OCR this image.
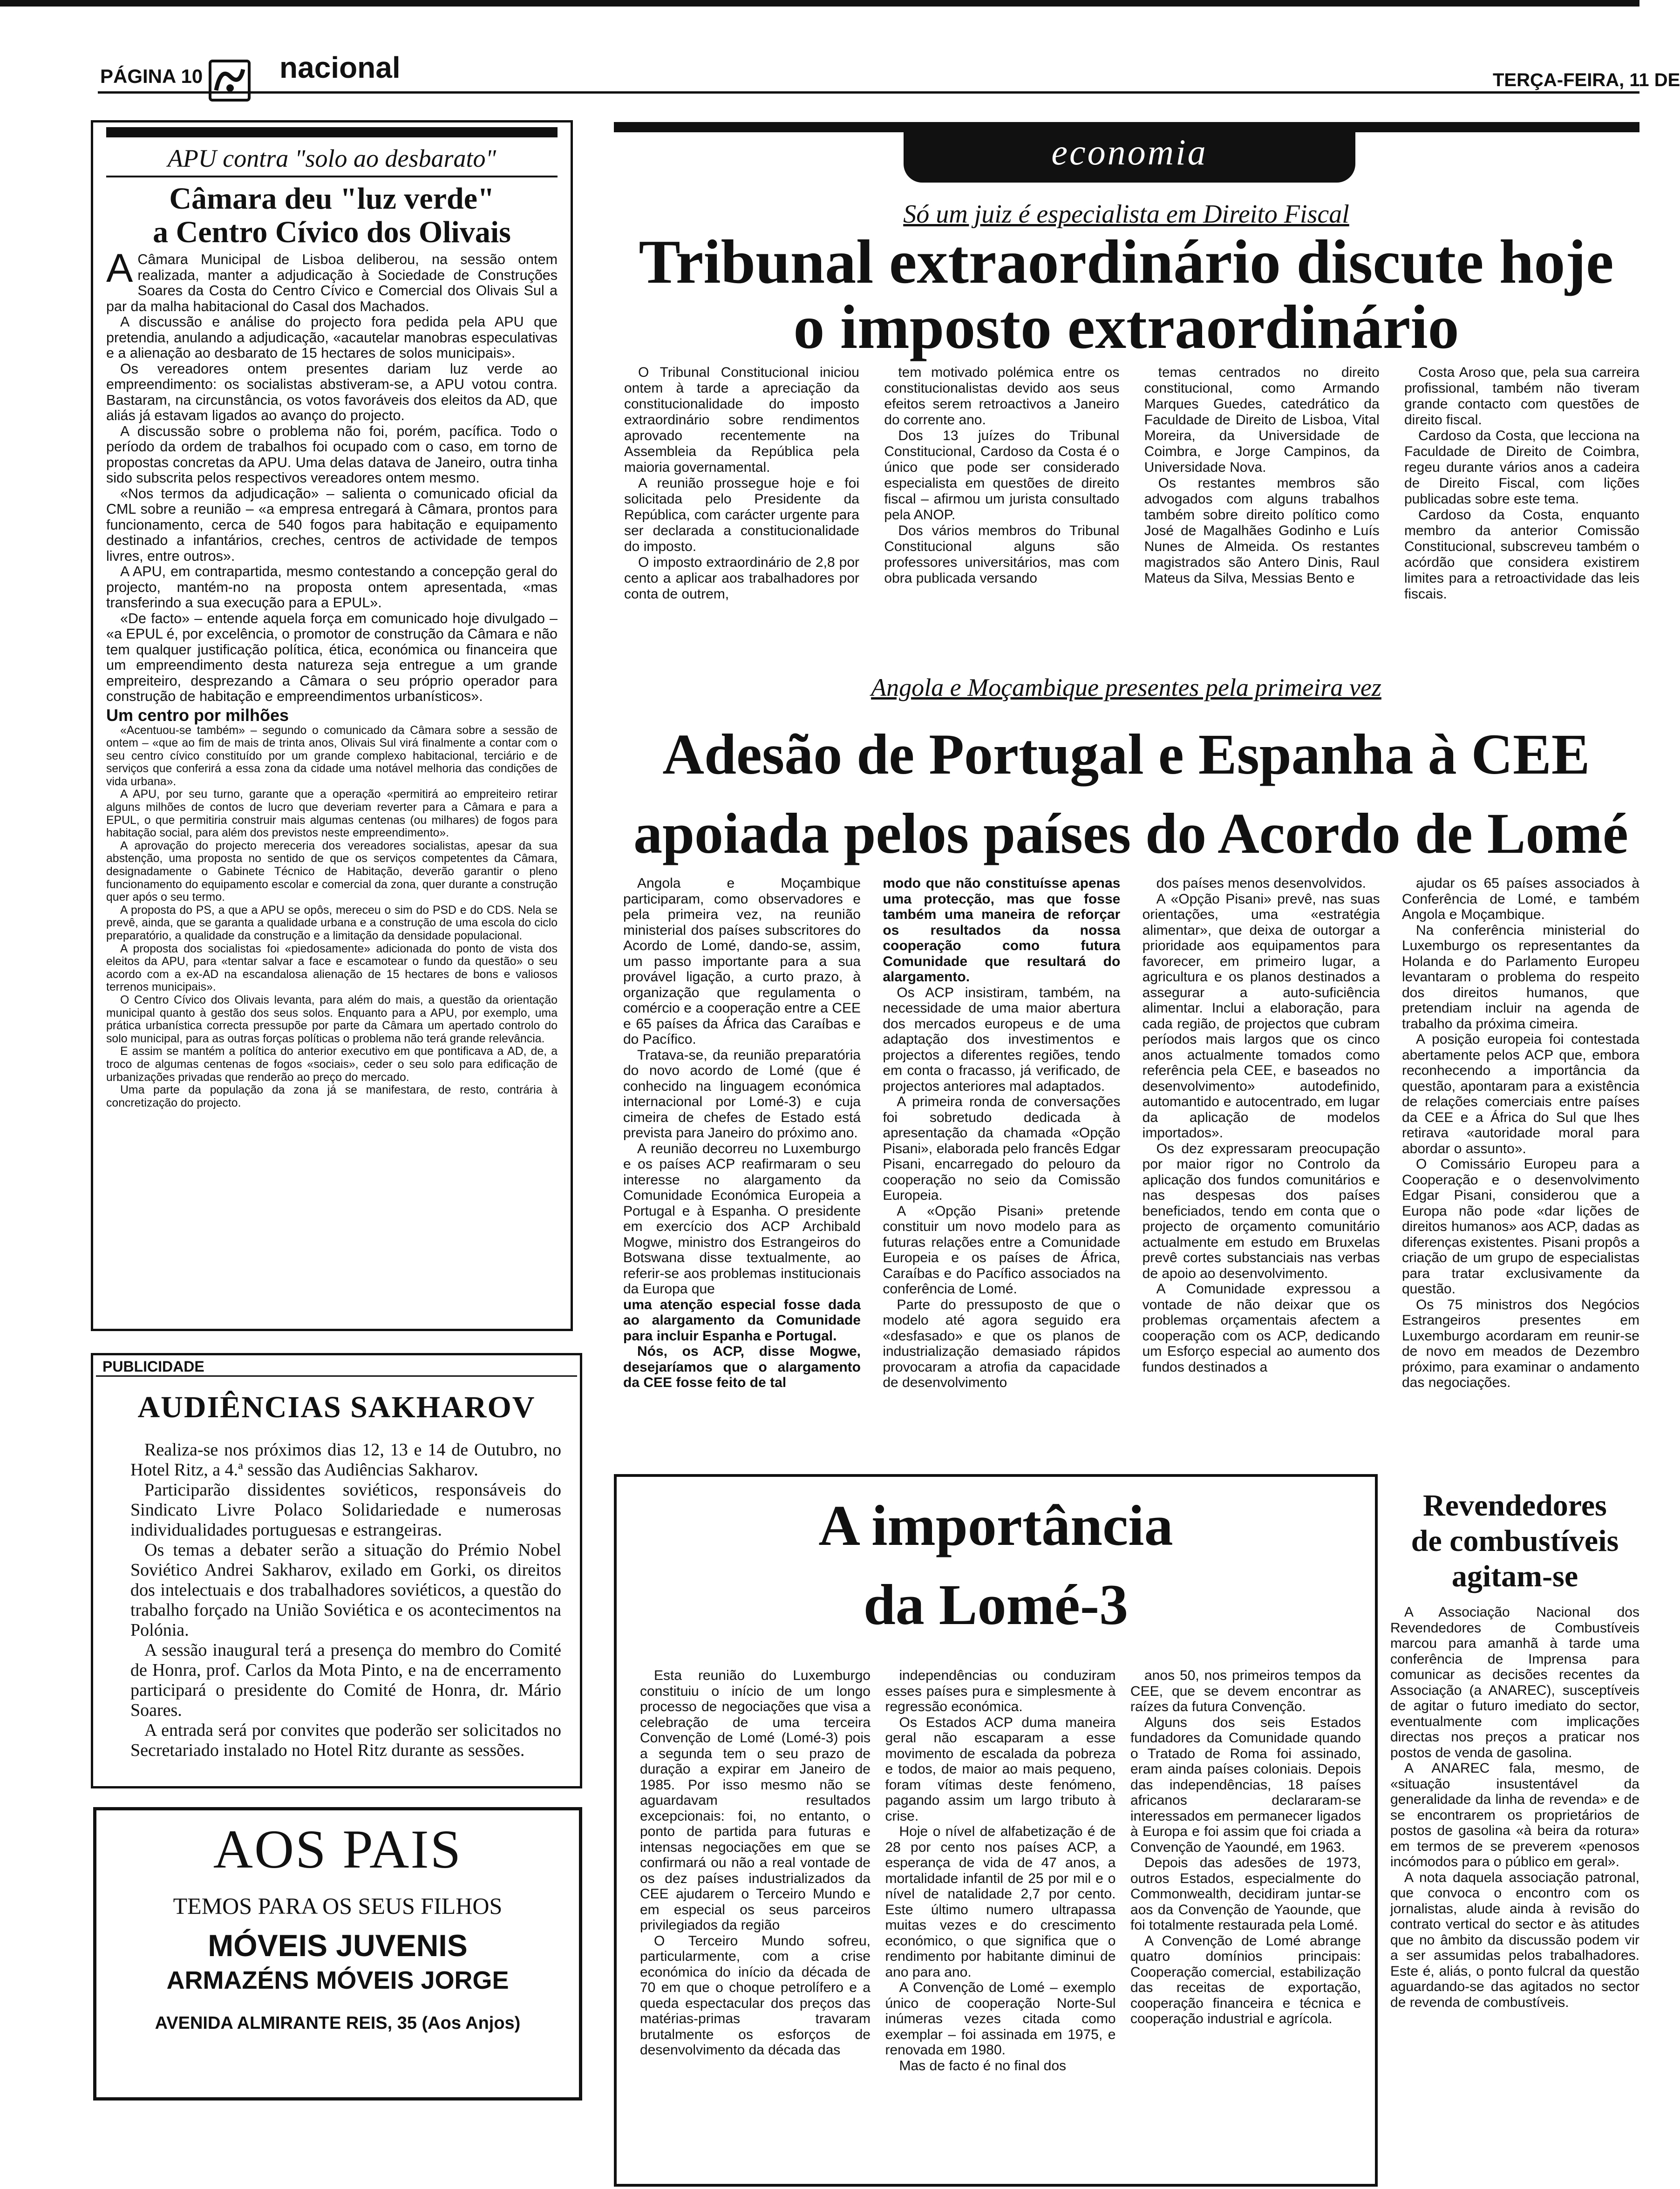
PÁGINA 10	nacional	TERÇA-FEIRA, 11 DE
APU contra "solo ao desbarato"
Câmara deu "luz verde"
a Centro Cívico dos Olivais
A Câmara Municipal de Lisboa deliberou, na sessão ontem realizada, manter a adjudicação à Sociedade de Construções Soares da Costa do Centro Cívico e Comercial dos Olivais Sul a par da malha habitacional do Casal dos Machados.

A discussão e análise do projecto fora pedida pela APU que pretendia, anulando a adjudicação, «acautelar manobras especulativas e a alienação ao desbarato de 15 hectares de solos municipais».

Os vereadores ontem presentes dariam luz verde ao empreendimento: os socialistas abstiveram-se, a APU votou contra. Bastaram, na circunstância, os votos favoráveis dos eleitos da AD, que aliás já estavam ligados ao avanço do projecto.

A discussão sobre o problema não foi, porém, pacífica. Todo o período da ordem de trabalhos foi ocupado com o caso, em torno de propostas concretas da APU. Uma delas datava de Janeiro, outra tinha sido subscrita pelos respectivos vereadores ontem mesmo.

«Nos termos da adjudicação» – salienta o comunicado oficial da CML sobre a reunião – «a empresa entregará à Câmara, prontos para funcionamento, cerca de 540 fogos para habitação e equipamento destinado a infantários, creches, centros de actividade de tempos livres, entre outros».

A APU, em contrapartida, mesmo contestando a concepção geral do projecto, mantém-no na proposta ontem apresentada, «mas transferindo a sua execução para a EPUL».

«De facto» – entende aquela força em comunicado hoje divulgado – «a EPUL é, por excelência, o promotor de construção da Câmara e não tem qualquer justificação política, ética, económica ou financeira que um empreendimento desta natureza seja entregue a um grande empreiteiro, desprezando a Câmara o seu próprio operador para construção de habitação e empreendimentos urbanísticos».

Um centro por milhões

«Acentuou-se também» – segundo o comunicado da Câmara sobre a sessão de ontem – «que ao fim de mais de trinta anos, Olivais Sul virá finalmente a contar com o seu centro cívico constituído por um grande complexo habitacional, terciário e de serviços que conferirá a essa zona da cidade uma notável melhoria das condições de vida urbana».

A APU, por seu turno, garante que a operação «permitirá ao empreiteiro retirar alguns milhões de contos de lucro que deveriam reverter para a Câmara e para a EPUL, o que permitiria construir mais algumas centenas (ou milhares) de fogos para habitação social, para além dos previstos neste empreendimento».

A aprovação do projecto mereceria dos vereadores socialistas, apesar da sua abstenção, uma proposta no sentido de que os serviços competentes da Câmara, designadamente o Gabinete Técnico de Habitação, deverão garantir o pleno funcionamento do equipamento escolar e comercial da zona, quer durante a construção quer após o seu termo.

A proposta do PS, a que a APU se opôs, mereceu o sim do PSD e do CDS. Nela se prevê, ainda, que se garanta a qualidade urbana e a construção de uma escola do ciclo preparatório, a qualidade da construção e a limitação da densidade populacional.

A proposta dos socialistas foi «piedosamente» adicionada do ponto de vista dos eleitos da APU, para «tentar salvar a face e escamotear o fundo da questão» o seu acordo com a ex-AD na escandalosa alienação de 15 hectares de bons e valiosos terrenos municipais».

O Centro Cívico dos Olivais levanta, para além do mais, a questão da orientação municipal quanto à gestão dos seus solos. Enquanto para a APU, por exemplo, uma prática urbanística correcta pressupõe por parte da Câmara um apertado controlo do solo municipal, para as outras forças políticas o problema não terá grande relevância.

E assim se mantém a política do anterior executivo em que pontificava a AD, de, a troco de algumas centenas de fogos «sociais», ceder o seu solo para edificação de urbanizações privadas que renderão ao preço do mercado.

Uma parte da população da zona já se manifestara, de resto, contrária à concretização do projecto.

PUBLICIDADE
AUDIÊNCIAS SAKHAROV

Realiza-se nos próximos dias 12, 13 e 14 de Outubro, no Hotel Ritz, a 4.ª sessão das Audiências Sakharov.

Participarão dissidentes soviéticos, responsáveis do Sindicato Livre Polaco Solidariedade e numerosas individualidades portuguesas e estrangeiras.

Os temas a debater serão a situação do Prémio Nobel Soviético Andrei Sakharov, exilado em Gorki, os direitos dos intelectuais e dos trabalhadores soviéticos, a questão do trabalho forçado na União Soviética e os acontecimentos na Polónia.

A sessão inaugural terá a presença do membro do Comité de Honra, prof. Carlos da Mota Pinto, e na de encerramento participará o presidente do Comité de Honra, dr. Mário Soares.

A entrada será por convites que poderão ser solicitados no Secretariado instalado no Hotel Ritz durante as sessões.

AOS PAIS
TEMOS PARA OS SEUS FILHOS
MÓVEIS JUVENIS
ARMAZÉNS MÓVEIS JORGE
AVENIDA ALMIRANTE REIS, 35 (Aos Anjos)
economia
Só um juiz é especialista em Direito Fiscal
Tribunal extraordinário discute hoje
o imposto extraordinário

O Tribunal Constitucional iniciou ontem à tarde a apreciação da constitucionalidade do imposto extraordinário sobre rendimentos aprovado recentemente na Assembleia da República pela maioria governamental.

A reunião prossegue hoje e foi solicitada pelo Presidente da República, com carácter urgente para ser declarada a constitucionalidade do imposto.

O imposto extraordinário de 2,8 por cento a aplicar aos trabalhadores por conta de outrem,

tem motivado polémica entre os constitucionalistas devido aos seus efeitos serem retroactivos a Janeiro do corrente ano.

Dos 13 juízes do Tribunal Constitucional, Cardoso da Costa é o único que pode ser considerado especialista em questões de direito fiscal – afirmou um jurista consultado pela ANOP.

Dos vários membros do Tribunal Constitucional alguns são professores universitários, mas com obra publicada versando

temas centrados no direito constitucional, como Armando Marques Guedes, catedrático da Faculdade de Direito de Lisboa, Vital Moreira, da Universidade de Coimbra, e Jorge Campinos, da Universidade Nova.

Os restantes membros são advogados com alguns trabalhos também sobre direito político como José de Magalhães Godinho e Luís Nunes de Almeida. Os restantes magistrados são Antero Dinis, Raul Mateus da Silva, Messias Bento e

Costa Aroso que, pela sua carreira profissional, também não tiveram grande contacto com questões de direito fiscal.

Cardoso da Costa, que lecciona na Faculdade de Direito de Coimbra, regeu durante vários anos a cadeira de Direito Fiscal, com lições publicadas sobre este tema.

Cardoso da Costa, enquanto membro da anterior Comissão Constitucional, subscreveu também o acórdão que considera existirem limites para a retroactividade das leis fiscais.

Angola e Moçambique presentes pela primeira vez
Adesão de Portugal e Espanha à CEE
apoiada pelos países do Acordo de Lomé

Angola e Moçambique participaram, como observadores e pela primeira vez, na reunião ministerial dos países subscritores do Acordo de Lomé, dando-se, assim, um passo importante para a sua provável ligação, a curto prazo, à organização que regulamenta o comércio e a cooperação entre a CEE e 65 países da África das Caraíbas e do Pacífico.

Tratava-se, da reunião preparatória do novo acordo de Lomé (que é conhecido na linguagem económica internacional por Lomé-3) e cuja cimeira de chefes de Estado está prevista para Janeiro do próximo ano.

A reunião decorreu no Luxemburgo e os países ACP reafirmaram o seu interesse no alargamento da Comunidade Económica Europeia a Portugal e à Espanha. O presidente em exercício dos ACP Archibald Mogwe, ministro dos Estrangeiros do Botswana disse textualmente, ao referir-se aos problemas institucionais da Europa que

uma atenção especial fosse dada ao alargamento da Comunidade para incluir Espanha e Portugal.

Nós, os ACP, disse Mogwe, desejaríamos que o alargamento da CEE fosse feito de tal

modo que não constituísse apenas uma protecção, mas que fosse também uma maneira de reforçar os resultados da nossa cooperação como futura Comunidade que resultará do alargamento.

Os ACP insistiram, também, na necessidade de uma maior abertura dos mercados europeus e de uma adaptação dos investimentos e projectos a diferentes regiões, tendo em conta o fracasso, já verificado, de projectos anteriores mal adaptados.

A primeira ronda de conversações foi sobretudo dedicada à apresentação da chamada «Opção Pisani», elaborada pelo francês Edgar Pisani, encarregado do pelouro da cooperação no seio da Comissão Europeia.

A «Opção Pisani» pretende constituir um novo modelo para as futuras relações entre a Comunidade Europeia e os países de África, Caraíbas e do Pacífico associados na conferência de Lomé.

Parte do pressuposto de que o modelo até agora seguido era «desfasado» e que os planos de industrialização demasiado rápidos provocaram a atrofia da capacidade de desenvolvimento

dos países menos desenvolvidos.

A «Opção Pisani» prevê, nas suas orientações, uma «estratégia alimentar», que deixa de outorgar a prioridade aos equipamentos para favorecer, em primeiro lugar, a agricultura e os planos destinados a assegurar a auto-suficiência alimentar. Inclui a elaboração, para cada região, de projectos que cubram períodos mais largos que os cinco anos actualmente tomados como referência pela CEE, e baseados no desenvolvimento» autodefinido, automantido e autocentrado, em lugar da aplicação de modelos importados».

Os dez expressaram preocupação por maior rigor no Controlo da aplicação dos fundos comunitários e nas despesas dos países beneficiados, tendo em conta que o projecto de orçamento comunitário actualmente em estudo em Bruxelas prevê cortes substanciais nas verbas de apoio ao desenvolvimento.

A Comunidade expressou a vontade de não deixar que os problemas orçamentais afectem a cooperação com os ACP, dedicando um Esforço especial ao aumento dos fundos destinados a

ajudar os 65 países associados à Conferência de Lomé, e também Angola e Moçambique.

Na conferência ministerial do Luxemburgo os representantes da Holanda e do Parlamento Europeu levantaram o problema do respeito dos direitos humanos, que pretendiam incluir na agenda de trabalho da próxima cimeira.

A posição europeia foi contestada abertamente pelos ACP que, embora reconhecendo a importância da questão, apontaram para a existência de relações comerciais entre países da CEE e a África do Sul que lhes retirava «autoridade moral para abordar o assunto».

O Comissário Europeu para a Cooperação e o desenvolvimento Edgar Pisani, considerou que a Europa não pode «dar lições de direitos humanos» aos ACP, dadas as diferenças existentes. Pisani propôs a criação de um grupo de especialistas para tratar exclusivamente da questão.

Os 75 ministros dos Negócios Estrangeiros presentes em Luxemburgo acordaram em reunir-se de novo em meados de Dezembro próximo, para examinar o andamento das negociações.

A importância
da Lomé-3

Esta reunião do Luxemburgo constituiu o início de um longo processo de negociações que visa a celebração de uma terceira Convenção de Lomé (Lomé-3) pois a segunda tem o seu prazo de duração a expirar em Janeiro de 1985. Por isso mesmo não se aguardavam resultados excepcionais: foi, no entanto, o ponto de partida para futuras e intensas negociações em que se confirmará ou não a real vontade de os dez países industrializados da CEE ajudarem o Terceiro Mundo e em especial os seus parceiros privilegiados da região

O Terceiro Mundo sofreu, particularmente, com a crise económica do início da década de 70 em que o choque petrolífero e a queda espectacular dos preços das matérias-primas travaram brutalmente os esforços de desenvolvimento da década das

independências ou conduziram esses países pura e simplesmente à regressão económica.

Os Estados ACP duma maneira geral não escaparam a esse movimento de escalada da pobreza e todos, de maior ao mais pequeno, foram vítimas deste fenómeno, pagando assim um largo tributo à crise.

Hoje o nível de alfabetização é de 28 por cento nos países ACP, a esperança de vida de 47 anos, a mortalidade infantil de 25 por mil e o nível de natalidade 2,7 por cento. Este último numero ultrapassa muitas vezes e do crescimento económico, o que significa que o rendimento por habitante diminui de ano para ano.

A Convenção de Lomé – exemplo único de cooperação Norte-Sul inúmeras vezes citada como exemplar – foi assinada em 1975, e renovada em 1980.

Mas de facto é no final dos

anos 50, nos primeiros tempos da CEE, que se devem encontrar as raízes da futura Convenção.

Alguns dos seis Estados fundadores da Comunidade quando o Tratado de Roma foi assinado, eram ainda países coloniais. Depois das independências, 18 países africanos declararam-se interessados em permanecer ligados à Europa e foi assim que foi criada a Convenção de Yaoundé, em 1963.

Depois das adesões de 1973, outros Estados, especialmente do Commonwealth, decidiram juntar-se aos da Convenção de Yaounde, que foi totalmente restaurada pela Lomé.

A Convenção de Lomé abrange quatro domínios principais: Cooperação comercial, estabilização das receitas de exportação, cooperação financeira e técnica e cooperação industrial e agrícola.

Revendedores
de combustíveis
agitam-se

A Associação Nacional dos Revendedores de Combustíveis marcou para amanhã à tarde uma conferência de Imprensa para comunicar as decisões recentes da Associação (a ANAREC), susceptíveis de agitar o futuro imediato do sector, eventualmente com implicações directas nos preços a praticar nos postos de venda de gasolina.

A ANAREC fala, mesmo, de «situação insustentável da generalidade da linha de revenda» e de se encontrarem os proprietários de postos de gasolina «à beira da rotura» em termos de se preverem «penosos incómodos para o público em geral».

A nota daquela associação patronal, que convoca o encontro com os jornalistas, alude ainda à revisão do contrato vertical do sector e às atitudes que no âmbito da discussão podem vir a ser assumidas pelos trabalhadores. Este é, aliás, o ponto fulcral da questão aguardando-se das agitados no sector de revenda de combustíveis.
